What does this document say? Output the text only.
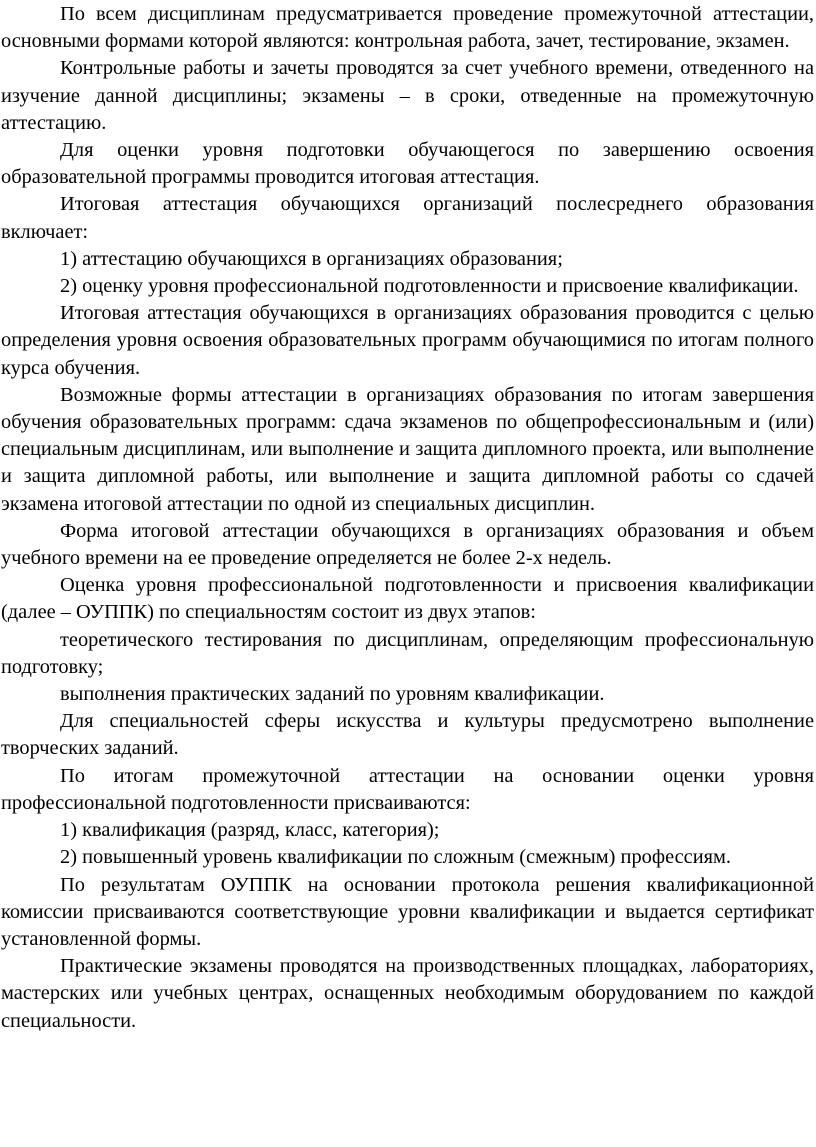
По всем дисциплинам предусматривается проведение промежуточной аттестации, основными формами которой являются: контрольная работа, зачет, тестирование, экзамен.

Контрольные работы и зачеты проводятся за счет учебного времени, отведенного на изучение данной дисциплины; экзамены – в сроки, отведенные на промежуточную аттестацию.

Для оценки уровня подготовки обучающегося по завершению освоения образовательной программы проводится итоговая аттестация.

Итоговая аттестация обучающихся организаций послесреднего образования включает:

1) аттестацию обучающихся в организациях образования;

2) оценку уровня профессиональной подготовленности и присвоение квалификации.

Итоговая аттестация обучающихся в организациях образования проводится с целью определения уровня освоения образовательных программ обучающимися по итогам полного курса обучения.

Возможные формы аттестации в организациях образования по итогам завершения обучения образовательных программ: сдача экзаменов по общепрофессиональным и (или) специальным дисциплинам, или выполнение и защита дипломного проекта, или выполнение и защита дипломной работы, или выполнение и защита дипломной работы со сдачей экзамена итоговой аттестации по одной из специальных дисциплин.

Форма итоговой аттестации обучающихся в организациях образования и объем учебного времени на ее проведение определяется не более 2-х недель.

Оценка уровня профессиональной подготовленности и присвоения квалификации (далее – ОУППК) по специальностям состоит из двух этапов:

теоретического тестирования по дисциплинам, определяющим профессиональную подготовку;

выполнения практических заданий по уровням квалификации.

Для специальностей сферы искусства и культуры предусмотрено выполнение творческих заданий.

По итогам промежуточной аттестации на основании оценки уровня профессиональной подготовленности присваиваются:

1) квалификация (разряд, класс, категория);

2) повышенный уровень квалификации по сложным (смежным) профессиям.

По результатам ОУППК на основании протокола решения квалификационной комиссии присваиваются соответствующие уровни квалификации и выдается сертификат установленной формы.

Практические экзамены проводятся на производственных площадках, лабораториях, мастерских или учебных центрах, оснащенных необходимым оборудованием по каждой специальности.
